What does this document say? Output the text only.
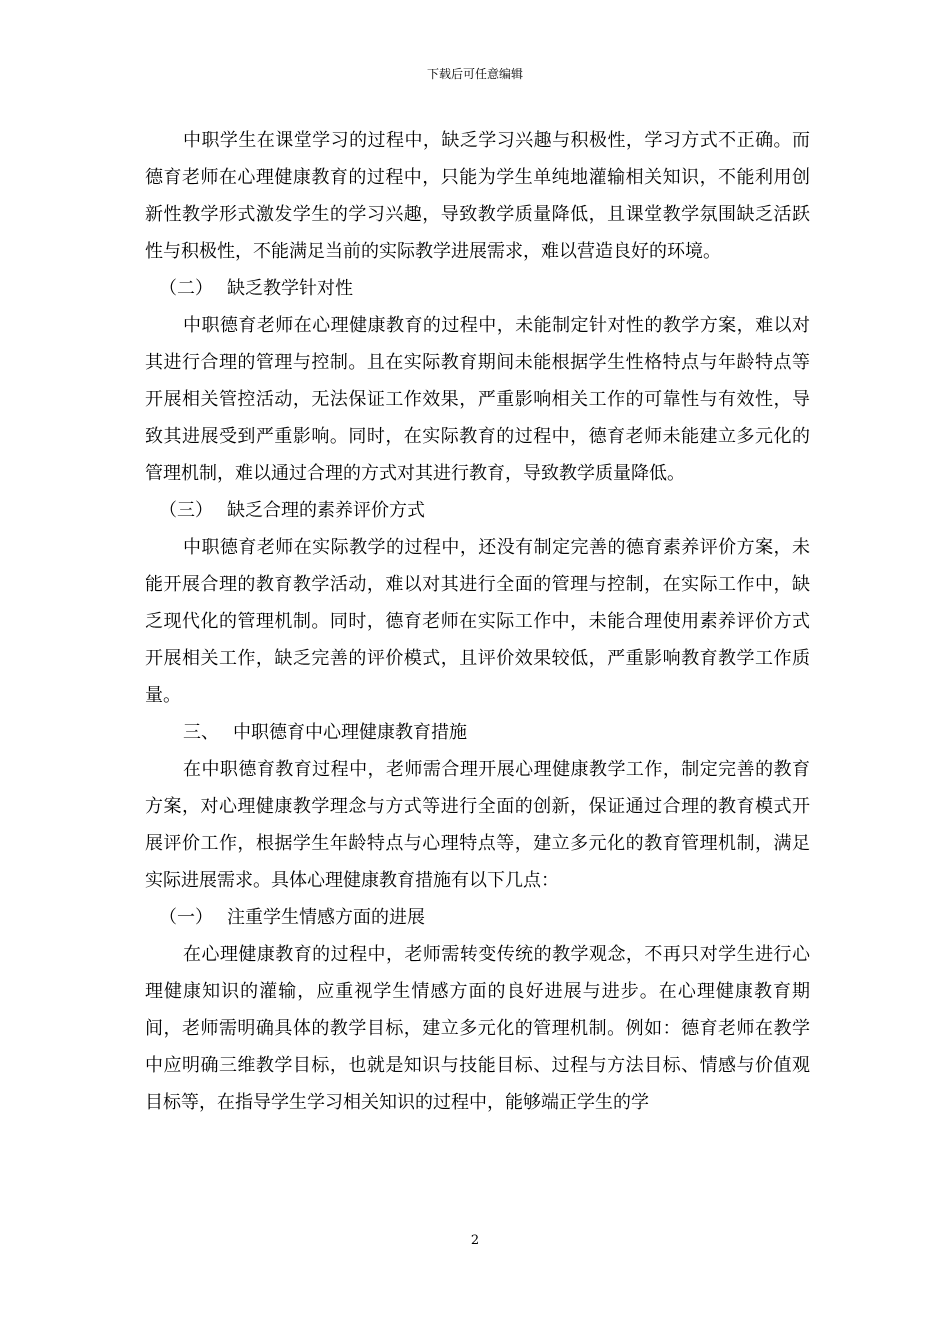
下载后可任意编辑

中职学生在课堂学习的过程中，缺乏学习兴趣与积极性，学习方式不正确。而德育老师在心理健康教育的过程中，只能为学生单纯地灌输相关知识，不能利用创新性教学形式激发学生的学习兴趣，导致教学质量降低，且课堂教学氛围缺乏活跃性与积极性，不能满足当前的实际教学进展需求，难以营造良好的环境。

（二） 缺乏教学针对性

中职德育老师在心理健康教育的过程中，未能制定针对性的教学方案，难以对其进行合理的管理与控制。且在实际教育期间未能根据学生性格特点与年龄特点等开展相关管控活动，无法保证工作效果，严重影响相关工作的可靠性与有效性，导致其进展受到严重影响。同时，在实际教育的过程中，德育老师未能建立多元化的管理机制，难以通过合理的方式对其进行教育，导致教学质量降低。

（三） 缺乏合理的素养评价方式

中职德育老师在实际教学的过程中，还没有制定完善的德育素养评价方案，未能开展合理的教育教学活动，难以对其进行全面的管理与控制，在实际工作中，缺乏现代化的管理机制。同时，德育老师在实际工作中，未能合理使用素养评价方式开展相关工作，缺乏完善的评价模式，且评价效果较低，严重影响教育教学工作质量。

三、 中职德育中心理健康教育措施

在中职德育教育过程中，老师需合理开展心理健康教学工作，制定完善的教育方案，对心理健康教学理念与方式等进行全面的创新，保证通过合理的教育模式开展评价工作，根据学生年龄特点与心理特点等，建立多元化的教育管理机制，满足实际进展需求。具体心理健康教育措施有以下几点：

（一） 注重学生情感方面的进展

在心理健康教育的过程中，老师需转变传统的教学观念，不再只对学生进行心理健康知识的灌输，应重视学生情感方面的良好进展与进步。在心理健康教育期间，老师需明确具体的教学目标，建立多元化的管理机制。例如：德育老师在教学中应明确三维教学目标，也就是知识与技能目标、过程与方法目标、情感与价值观目标等，在指导学生学习相关知识的过程中，能够端正学生的学

2
